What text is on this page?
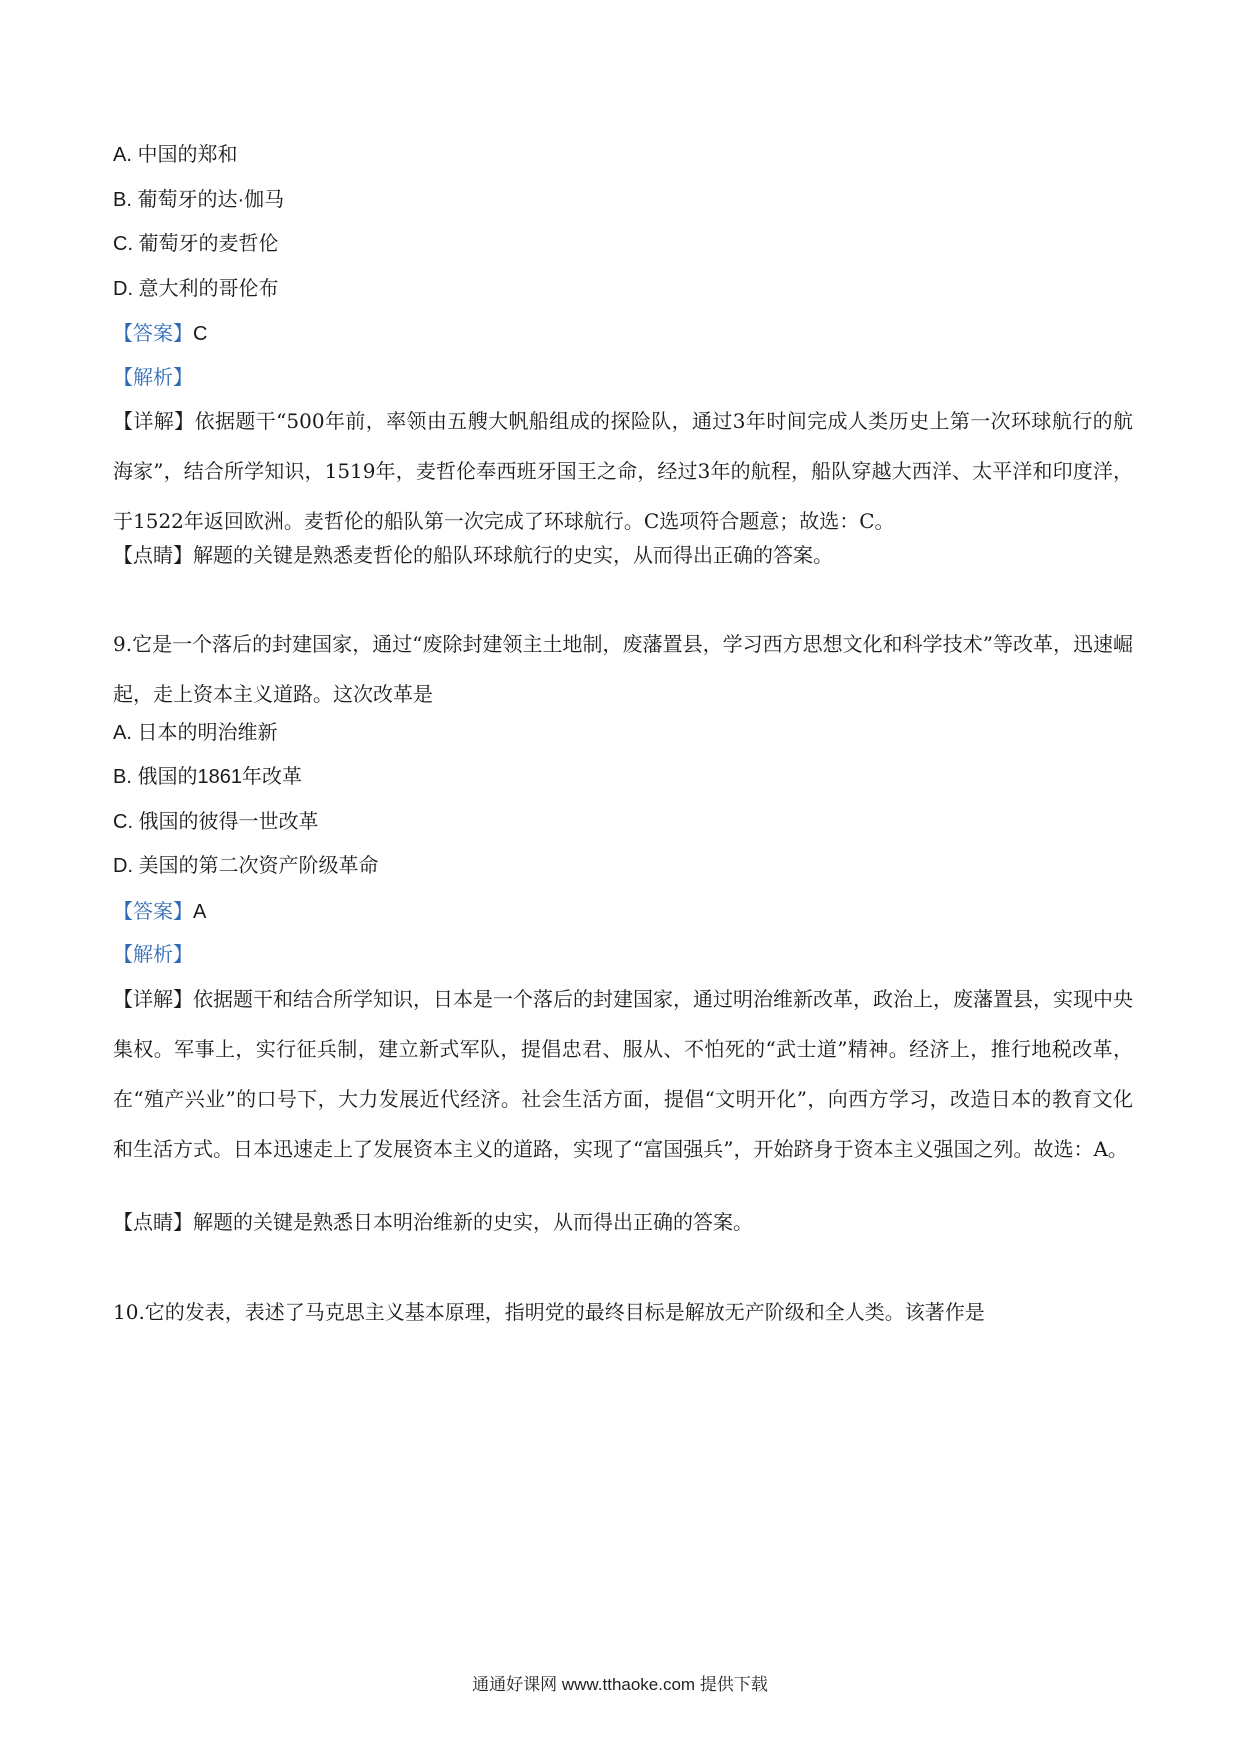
A. 中国的郑和
B. 葡萄牙的达·伽马
C. 葡萄牙的麦哲伦
D. 意大利的哥伦布
【答案】C
【解析】
【详解】依据题干“500年前，率领由五艘大帆船组成的探险队，通过3年时间完成人类历史上第一次环球航行的航海家”，结合所学知识，1519年，麦哲伦奉西班牙国王之命，经过3年的航程，船队穿越大西洋、太平洋和印度洋，于1522年返回欧洲。麦哲伦的船队第一次完成了环球航行。C选项符合题意；故选：C。
【点睛】解题的关键是熟悉麦哲伦的船队环球航行的史实，从而得出正确的答案。
9.它是一个落后的封建国家，通过“废除封建领主土地制，废藩置县，学习西方思想文化和科学技术”等改革，迅速崛起，走上资本主义道路。这次改革是
A. 日本的明治维新
B. 俄国的1861年改革
C. 俄国的彼得一世改革
D. 美国的第二次资产阶级革命
【答案】A
【解析】
【详解】依据题干和结合所学知识，日本是一个落后的封建国家，通过明治维新改革，政治上，废藩置县，实现中央集权。军事上，实行征兵制，建立新式军队，提倡忠君、服从、不怕死的“武士道”精神。经济上，推行地税改革，在“殖产兴业”的口号下，大力发展近代经济。社会生活方面，提倡“文明开化”，向西方学习，改造日本的教育文化和生活方式。日本迅速走上了发展资本主义的道路，实现了“富国强兵”，开始跻身于资本主义强国之列。故选：A。
【点睛】解题的关键是熟悉日本明治维新的史实，从而得出正确的答案。
10.它的发表，表述了马克思主义基本原理，指明党的最终目标是解放无产阶级和全人类。该著作是
通通好课网 www.tthaoke.com 提供下载
